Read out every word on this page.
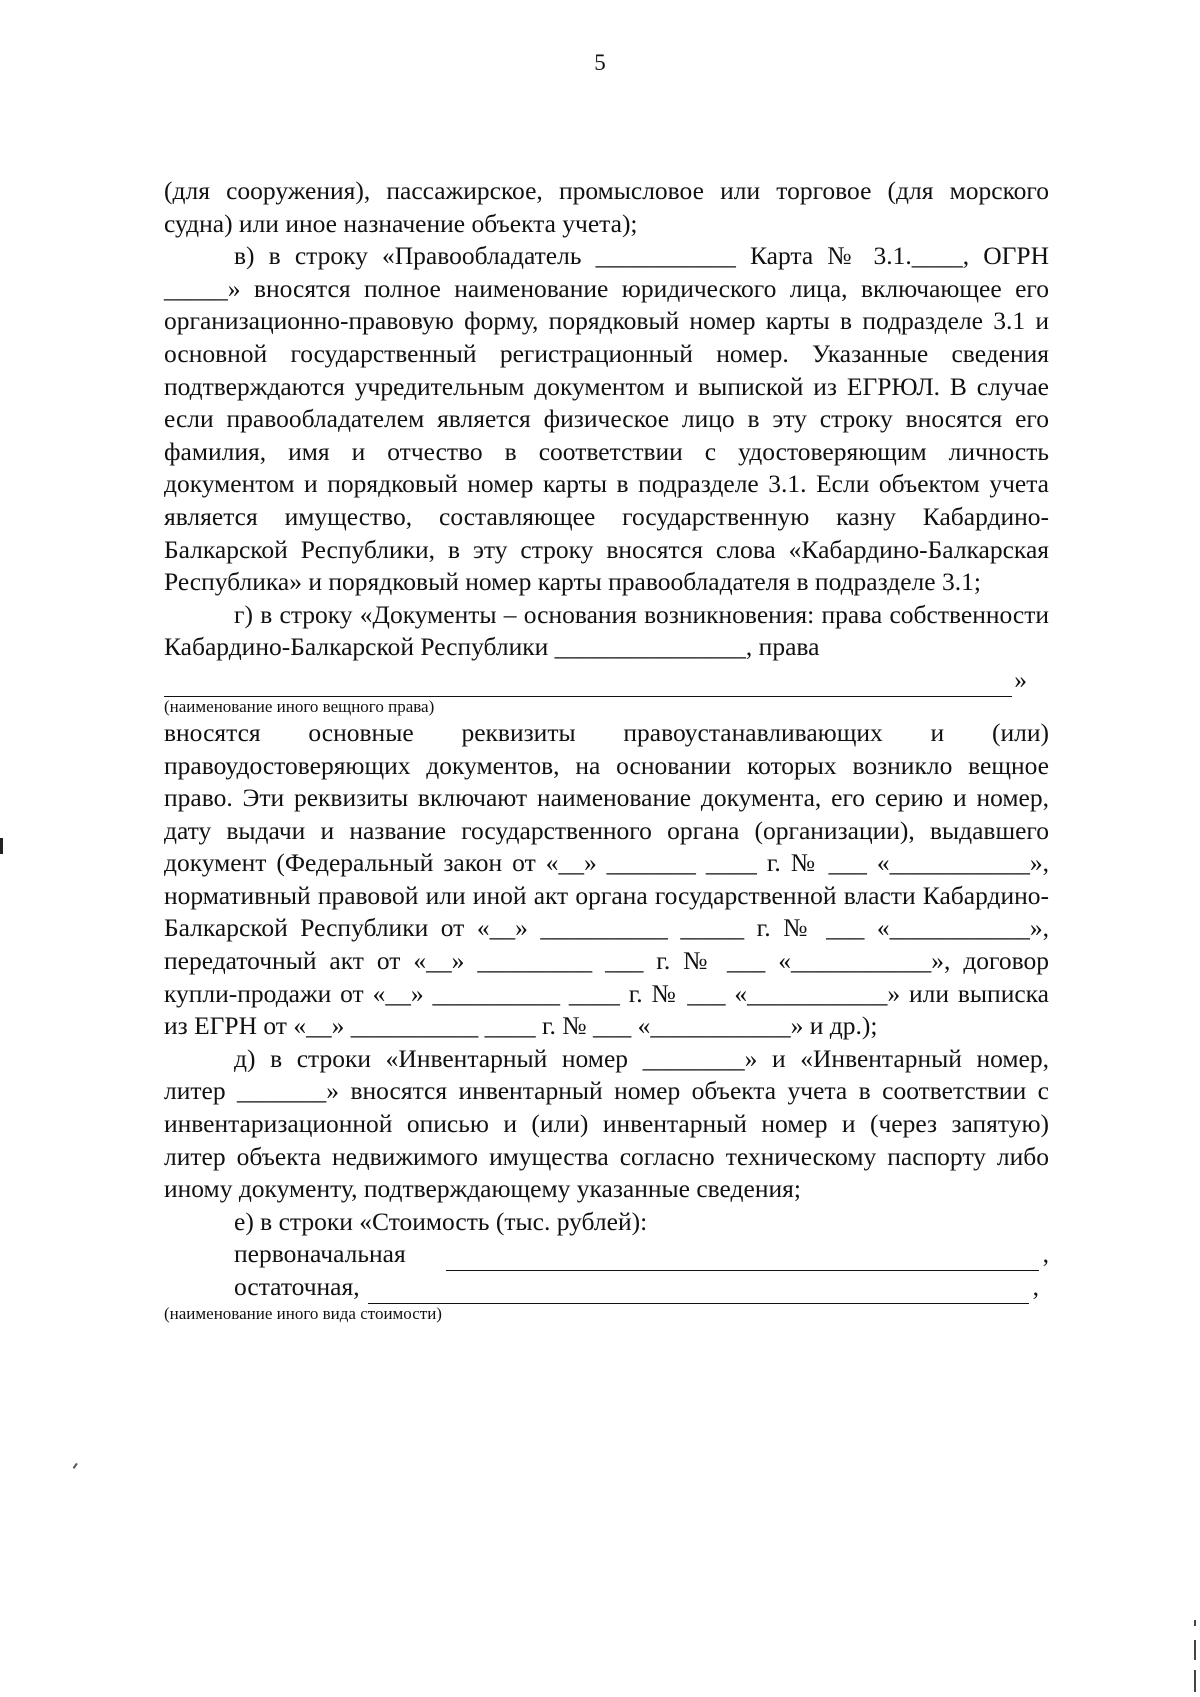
5

(для сооружения), пассажирское, промысловое или торговое (для морского судна) или иное назначение объекта учета);

в) в строку «Правообладатель ___________ Карта № 3.1.____, ОГРН _____» вносятся полное наименование юридического лица, включающее его организационно-правовую форму, порядковый номер карты в подразделе 3.1 и основной государственный регистрационный номер. Указанные сведения подтверждаются учредительным документом и выпиской из ЕГРЮЛ. В случае если правообладателем является физическое лицо в эту строку вносятся его фамилия, имя и отчество в соответствии с удостоверяющим личность документом и порядковый номер карты в подразделе 3.1. Если объектом учета является имущество, составляющее государственную казну Кабардино-Балкарской Республики, в эту строку вносятся слова «Кабардино-Балкарская Республика» и порядковый номер карты правообладателя в подразделе 3.1;

г) в строку «Документы – основания возникновения: права собственности Кабардино-Балкарской Республики _______________, права

»

(наименование иного вещного права)

вносятся основные реквизиты правоустанавливающих и (или) правоудостоверяющих документов, на основании которых возникло вещное право. Эти реквизиты включают наименование документа, его серию и номер, дату выдачи и название государственного органа (организации), выдавшего документ (Федеральный закон от «__» _______ ____ г. № ___ «___________», нормативный правовой или иной акт органа государственной власти Кабардино-Балкарской Республики от «__» __________ _____ г. № ___ «___________», передаточный акт от «__» _________ ___ г. № ___ «___________», договор купли-продажи от «__» __________ ____ г. № ___ «___________» или выписка из ЕГРН от «__» __________ ____ г. № ___ «___________» и др.);

д) в строки «Инвентарный номер ________» и «Инвентарный номер, литер _______» вносятся инвентарный номер объекта учета в соответствии с инвентаризационной описью и (или) инвентарный номер и (через запятую) литер объекта недвижимого имущества согласно техническому паспорту либо иному документу, подтверждающему указанные сведения;

е) в строки «Стоимость (тыс. рублей):

первоначальная	,
остаточная,	,

(наименование иного вида стоимости)
